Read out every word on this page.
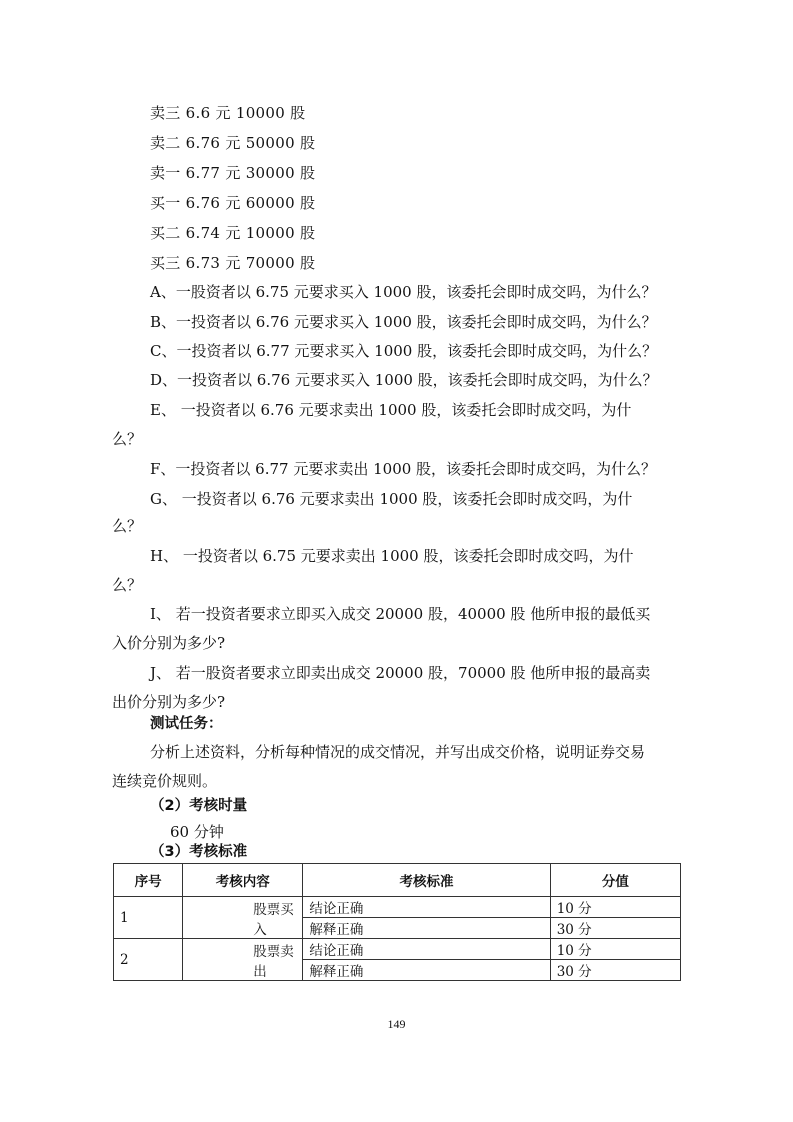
卖三 6.6 元 10000 股
卖二 6.76 元 50000 股
卖一 6.77 元 30000 股
买一 6.76 元 60000 股
买二 6.74 元 10000 股
买三 6.73 元 70000 股
A、一股资者以 6.75 元要求买入 1000 股，该委托会即时成交吗，为什么？
B、一投资者以 6.76 元要求买入 1000 股，该委托会即时成交吗，为什么？
C、一投资者以 6.77 元要求买入 1000 股，该委托会即时成交吗，为什么？
D、一投资者以 6.76 元要求买入 1000 股，该委托会即时成交吗，为什么？
E、 一投资者以 6.76 元要求卖出 1000 股，该委托会即时成交吗，为什
么？
F、一投资者以 6.77 元要求卖出 1000 股，该委托会即时成交吗，为什么？
G、 一投资者以 6.76 元要求卖出 1000 股，该委托会即时成交吗，为什
么？
H、 一投资者以 6.75 元要求卖出 1000 股，该委托会即时成交吗，为什
么？
I、 若一投资者要求立即买入成交 20000 股，40000 股 他所申报的最低买
入价分别为多少?
J、 若一股资者要求立即卖出成交 20000 股，70000 股 他所申报的最高卖
出价分别为多少?
测试任务：
分析上述资料，分析每种情况的成交情况，并写出成交价格，说明证券交易
连续竞价规则。
（2）考核时量
60 分钟
（3）考核标准
序号	考核内容	考核标准	分值
1	股票买入	结论正确	10 分
		解释正确	30 分
2	股票卖出	结论正确	10 分
		解释正确	30 分
149
